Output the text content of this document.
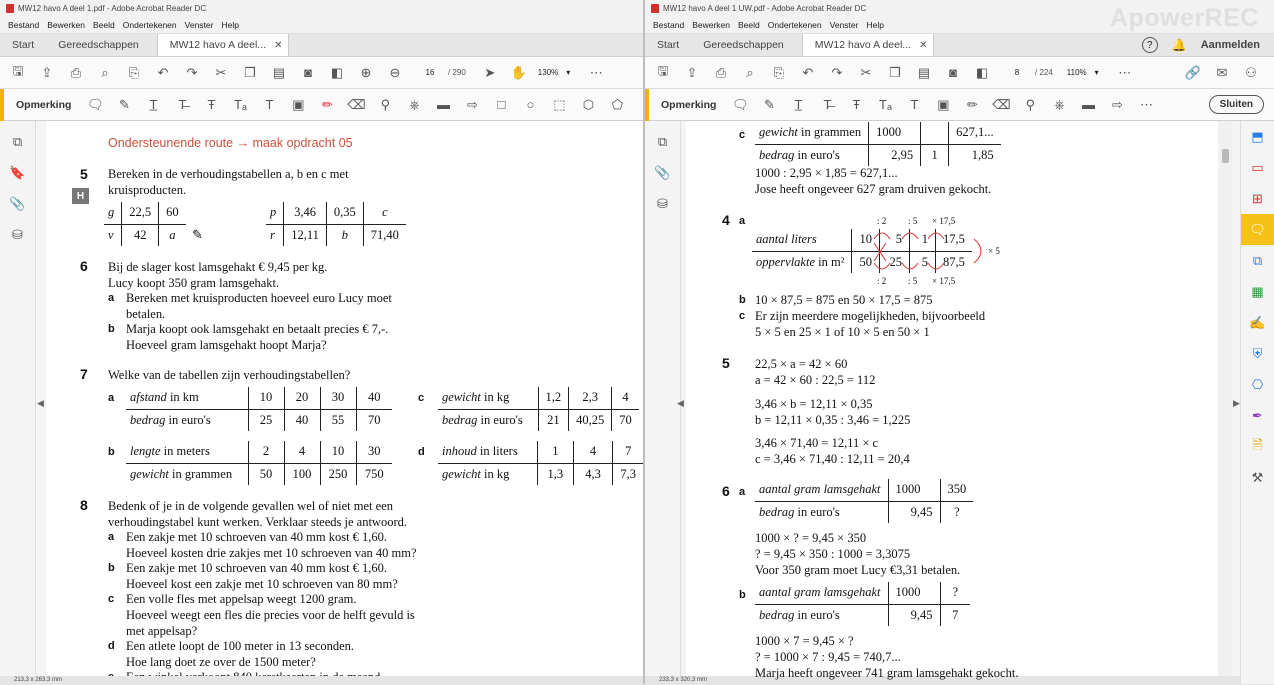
MW12 havo A deel 1.pdf - Adobe Acrobat Reader DC
Bestand Bewerken Beeld Ondertekenen Venster Help
Start	Gereedschappen	MW12 havo A deel... ✕
🖫	⇪	⎙	⌕	⎘	↶	↷	✂	❐	▤	◙	◧	⊕	⊖	16	/ 290	➤	✋ 130% ▾ ⋯
Opmerking 🗨	✎	T̲	T̶	Ŧ	Tₐ	T	▣	✏	⌫	⚲	⎈	▬	⇨	□	○	⬚	⬡	⬠
⧉
🔖
📎
⛁
◀
Ondersteunende route → maak opdracht 05
5 Bereken in de verhoudingstabellen a, b en c met
kruisproducten.
H
g	22,5	60
v	42	a ✎
p	3,46	0,35	c
r	12,11	b	71,40
6 Bij de slager kost lamsgehakt € 9,45 per kg.
Lucy koopt 350 gram lamsgehakt.
a Bereken met kruisproducten hoeveel euro Lucy moet
betalen.
b Marja koopt ook lamsgehakt en betaalt precies € 7,-.
Hoeveel gram lamsgehakt hoopt Marja?
7 Welke van de tabellen zijn verhoudingstabellen?
a afstand in km	10	20	30	40
bedrag in euro's	25	40	55	70
c gewicht in kg	1,2	2,3	4
bedrag in euro's	21	40,25	70
b lengte in meters	2	4	10	30
gewicht in grammen	50	100	250	750
d inhoud in liters	1	4	7
gewicht in kg	1,3	4,3	7,3
8 Bedenk of je in de volgende gevallen wel of niet met een
verhoudingstabel kunt werken. Verklaar steeds je antwoord.
a Een zakje met 10 schroeven van 40 mm kost € 1,60.
Hoeveel kosten drie zakjes met 10 schroeven van 40 mm?
b Een zakje met 10 schroeven van 40 mm kost € 1,60.
Hoeveel kost een zakje met 10 schroeven van 80 mm?
c Een volle fles met appelsap weegt 1200 gram.
Hoeveel weegt een fles die precies voor de helft gevuld is
met appelsap?
d Een atlete loopt de 100 meter in 13 seconden.
Hoe lang doet ze over de 1500 meter?
213,3 x 263,3 mm
MW12 havo A deel 1 UW.pdf - Adobe Acrobat Reader DC
Bestand Bewerken Beeld Ondertekenen Venster Help
Start	Gereedschappen	MW12 havo A deel... ✕	?	🔔 Aanmelden
🖫	⇪	⎙	⌕	⎘	↶	↷	✂	❐	▤	◙	◧	8	/ 224 110% ▾ ⋯	🔗	✉	⚇
Opmerking 🗨	✎	T̲	T̶	Ŧ	Tₐ	T	▣	✏	⌫	⚲	⎈	▬	⇨	⋯	Sluiten
⧉
📎
⛁
◀	▶
233,3 x 320,3 mm
c gewicht in grammen	1000		627,1...
bedrag in euro's	2,95	1	1,85
1000 : 2,95 × 1,85 = 627,1...
Jose heeft ongeveer 627 gram druiven gekocht.
4 a	: 2 : 5 × 17,5
aantal liters	10	5	1	17,5
oppervlakte in m²	50	25	5	87,5
× 5
: 2 : 5 × 17,5
b 10 × 87,5 = 875 en 50 × 17,5 = 875
c Er zijn meerdere mogelijkheden, bijvoorbeeld
5 × 5 en 25 × 1 of 10 × 5 en 50 × 1
5 22,5 × a = 42 × 60
a = 42 × 60 : 22,5 = 112
3,46 × b = 12,11 × 0,35
b = 12,11 × 0,35 : 3,46 = 1,225
3,46 × 71,40 = 12,11 × c
c = 3,46 × 71,40 : 12,11 = 20,4
6 a aantal gram lamsgehakt	1000	350
bedrag in euro's	9,45	?
1000 × ? = 9,45 × 350
? = 9,45 × 350 : 1000 = 3,3075
Voor 350 gram moet Lucy €3,31 betalen.
b aantal gram lamsgehakt	1000	?
bedrag in euro's	9,45	7
1000 × 7 = 9,45 × ?
? = 1000 × 7 : 9,45 = 740,7...
Marja heeft ongeveer 741 gram lamsgehakt gekocht.
⬒
▭
⊞
🗨
⧉
▦
✍
⛨
⎔
✒
🗎
⚒
ApowerREC
